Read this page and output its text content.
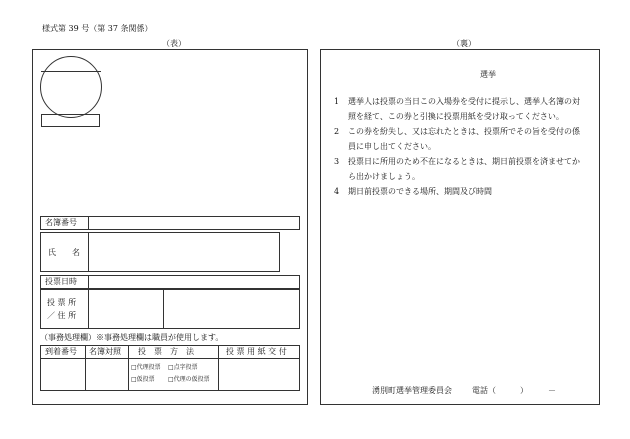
様式第 39 号（第 37 条関係）
（表）	（裏）
名簿番号
氏　　名
投票日時
投 票 所
／ 住 所
（事務処理欄）※事務処理欄は職員が使用します。
到着番号 名簿対照 投　票　方　法	投 票 用 紙 交 付
□代理投票 □点字投票
□仮投票 □代理の仮投票
選挙
1 選挙人は投票の当日この入場券を受付に提示し、選挙人名簿の対
照を経て、この券と引換に投票用紙を受け取ってください。
2 この券を紛失し、又は忘れたときは、投票所でその旨を受付の係
員に申し出てください。
3 投票日に所用のため不在になるときは、期日前投票を済ませてか
ら出かけましょう。
4 期日前投票のできる場所、期間及び時間
湧別町選挙管理委員会	電話（　　　）　　　－
